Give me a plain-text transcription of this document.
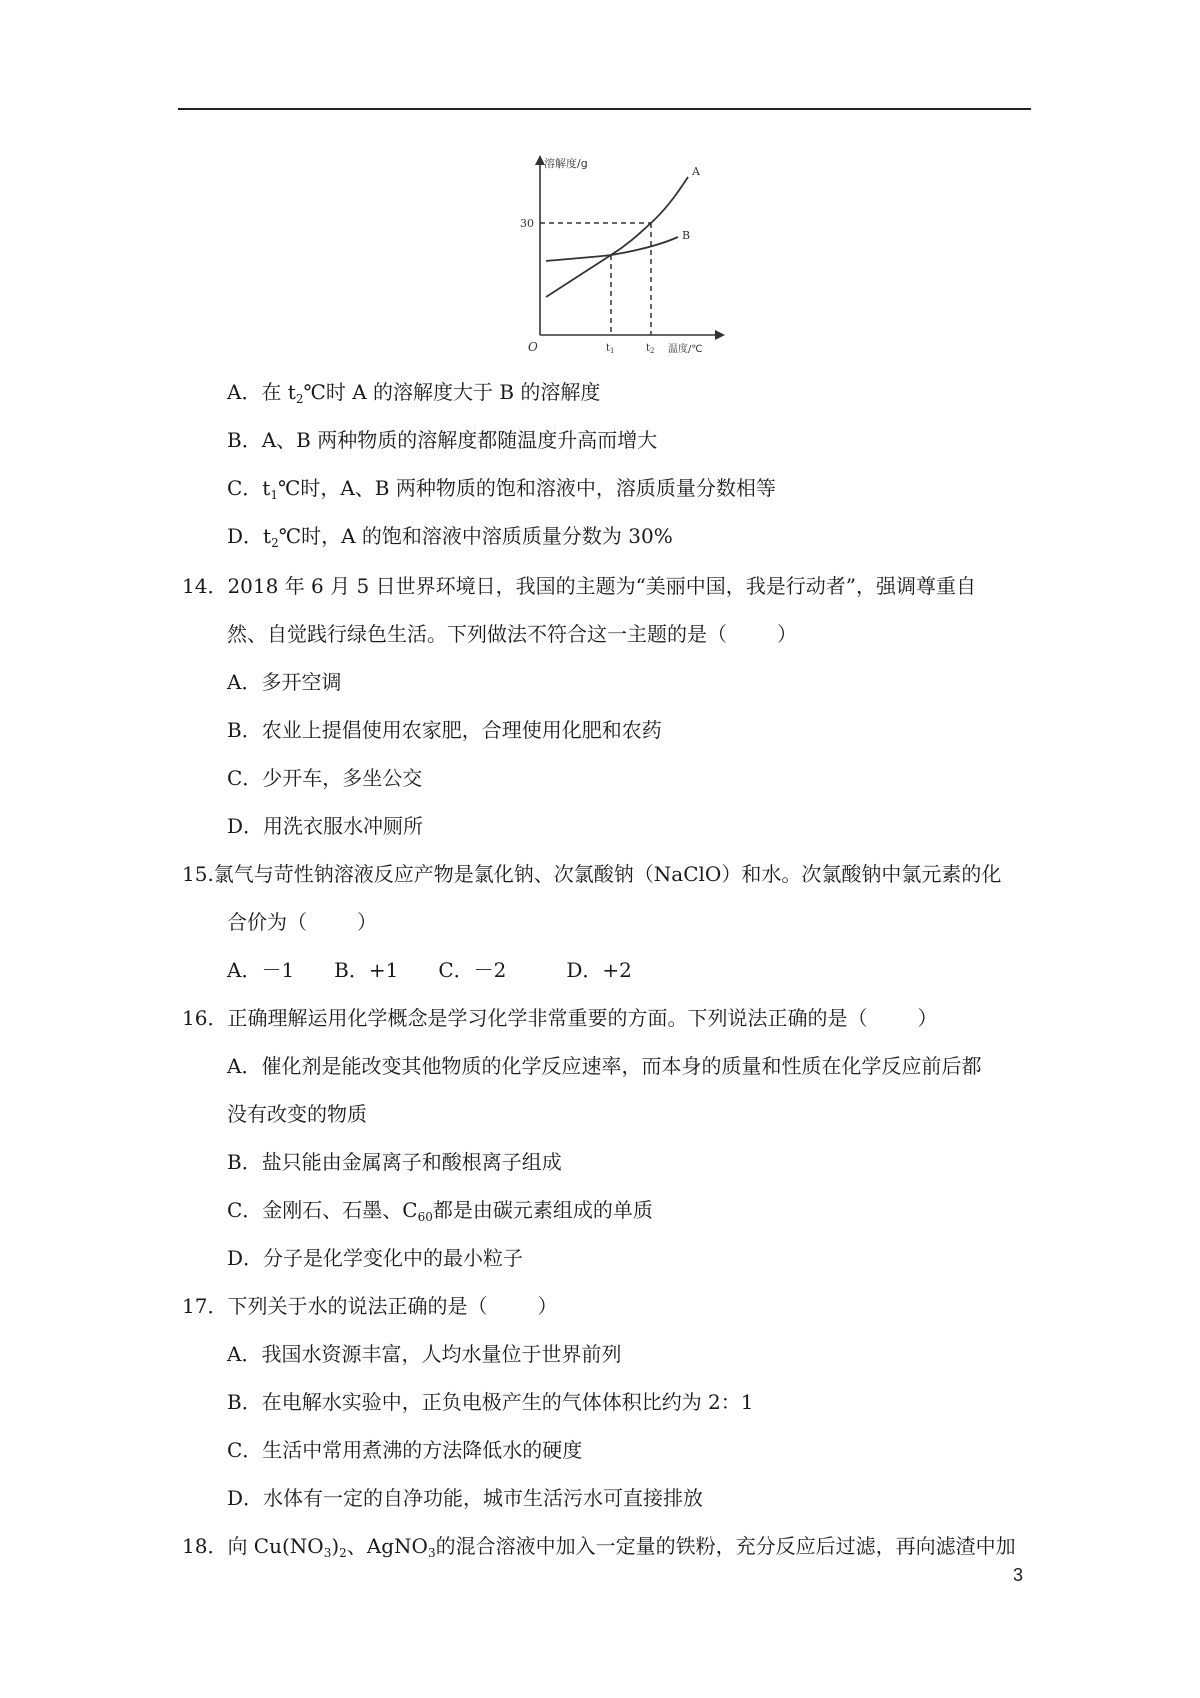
溶解度/g
30
A
B
O	$t_1$	$t_2$ 温度/℃
A．在 $t_2℃$时 A 的溶解度大于 B 的溶解度
B．A、B 两种物质的溶解度都随温度升高而增大
C．$t_1℃$时，A、B 两种物质的饱和溶液中，溶质质量分数相等
D．$t_2℃$时，A 的饱和溶液中溶质质量分数为 30%
14．2018 年 6 月 5 日世界环境日，我国的主题为“美丽中国，我是行动者”，强调尊重自
然、自觉践行绿色生活。下列做法不符合这一主题的是（	）
A．多开空调
B．农业上提倡使用农家肥，合理使用化肥和农药
C．少开车，多坐公交
D．用洗衣服水冲厕所
15.氯气与苛性钠溶液反应产物是氯化钠、次氯酸钠（NaClO）和水。次氯酸钠中氯元素的化
合价为（	）
A．－1 B．+1 C．－2	D．+2
16．正确理解运用化学概念是学习化学非常重要的方面。下列说法正确的是（	）
A．催化剂是能改变其他物质的化学反应速率，而本身的质量和性质在化学反应前后都
没有改变的物质
B．盐只能由金属离子和酸根离子组成
C．金刚石、石墨、$C_{60}$都是由碳元素组成的单质
D．分子是化学变化中的最小粒子
17．下列关于水的说法正确的是（	）
A．我国水资源丰富，人均水量位于世界前列
B．在电解水实验中，正负电极产生的气体体积比约为 2：1
C．生活中常用煮沸的方法降低水的硬度
D．水体有一定的自净功能，城市生活污水可直接排放
18．向 $Cu(NO_3)_2$、AgNO$_3$的混合溶液中加入一定量的铁粉，充分反应后过滤，再向滤渣中加
3
